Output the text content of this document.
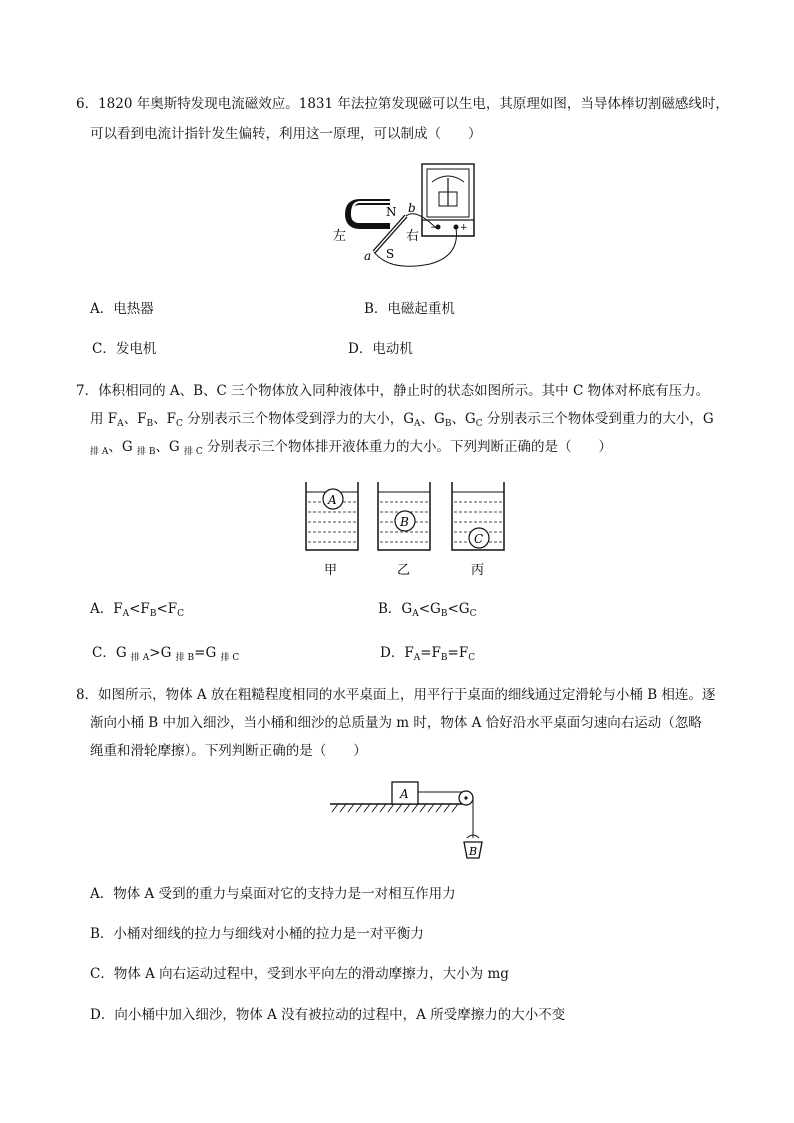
6．1820 年奥斯特发现电流磁效应。1831 年法拉第发现磁可以生电，其原理如图，当导体棒切割磁感线时，
可以看到电流计指针发生偏转，利用这一原理，可以制成（　　）
− +
N
S
b
a
左	右
A．电热器	B．电磁起重机
C．发电机	D．电动机
7．体积相同的 A、B、C 三个物体放入同种液体中，静止时的状态如图所示。其中 C 物体对杯底有压力。
用 $F_A$、$F_B$、$F_C$ 分别表示三个物体受到浮力的大小，$G_A$、$G_B$、$G_C$ 分别表示三个物体受到重力的大小，G
$_{排 A}$、G $_{排 B}$、G $_{排 C}$ 分别表示三个物体排开液体重力的大小。下列判断正确的是（　　）
A
B
C
甲	乙	丙
A．$F_A<F_B<F_C$	B．$G_A<G_B<G_C$
C．G $_{排 A}$>G $_{排 B}$=G $_{排 C}$	D．$F_A=F_B=F_C$
8．如图所示，物体 A 放在粗糙程度相同的水平桌面上，用平行于桌面的细线通过定滑轮与小桶 B 相连。逐
渐向小桶 B 中加入细沙，当小桶和细沙的总质量为 m 时，物体 A 恰好沿水平桌面匀速向右运动（忽略
绳重和滑轮摩擦）。下列判断正确的是（　　）
A
B
A．物体 A 受到的重力与桌面对它的支持力是一对相互作用力
B．小桶对细线的拉力与细线对小桶的拉力是一对平衡力
C．物体 A 向右运动过程中，受到水平向左的滑动摩擦力，大小为 mg
D．向小桶中加入细沙，物体 A 没有被拉动的过程中，A 所受摩擦力的大小不变
